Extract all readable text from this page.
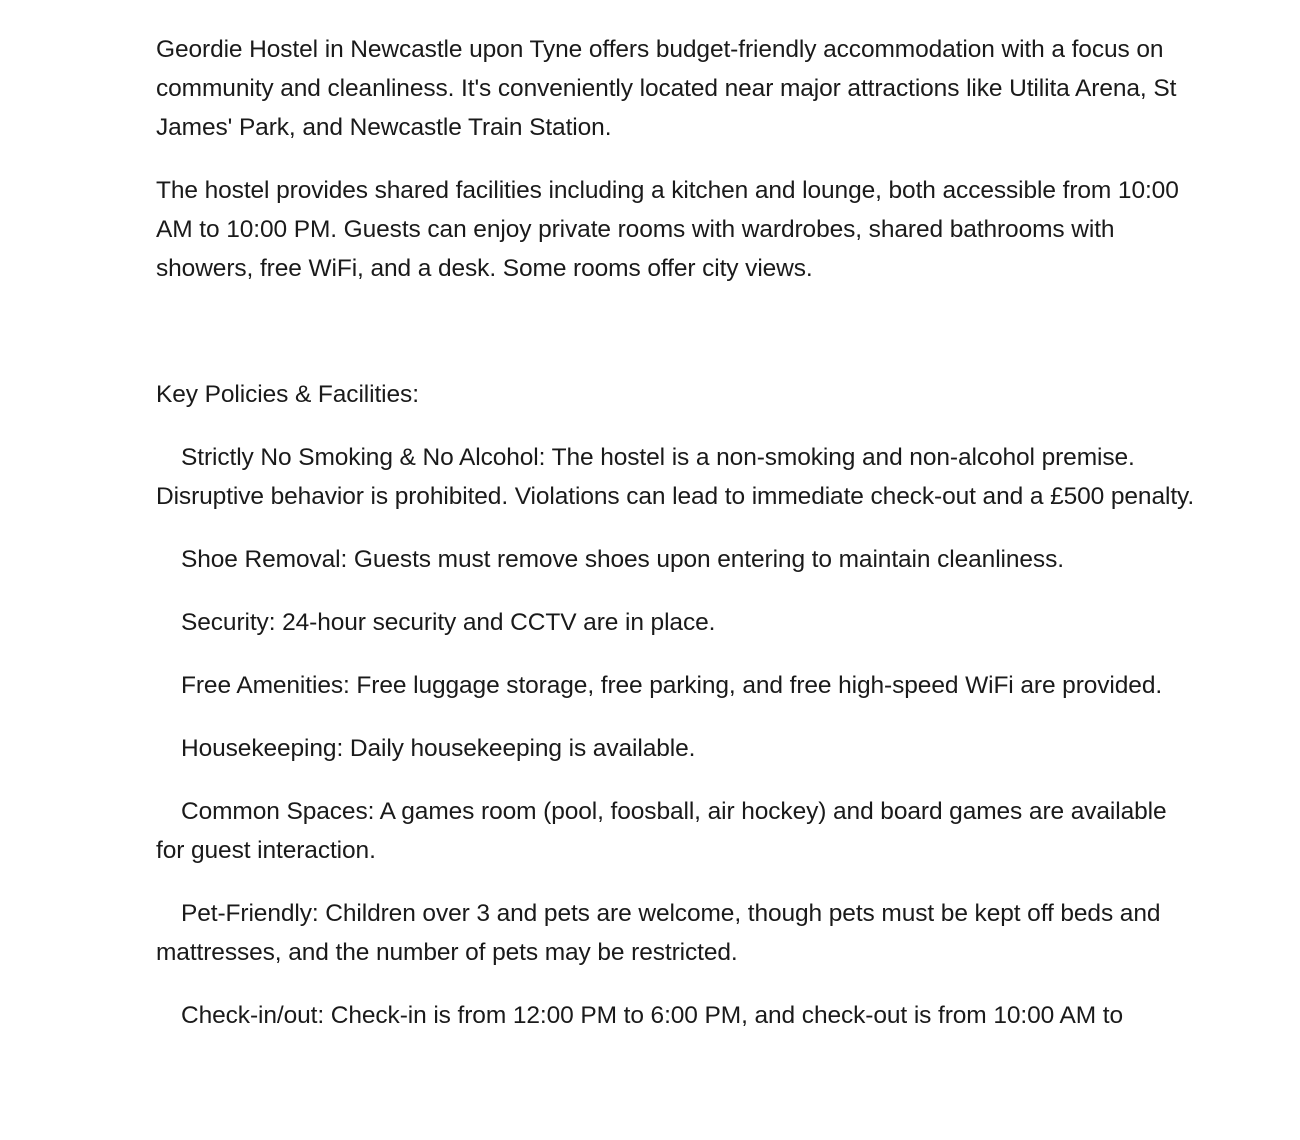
Geordie Hostel in Newcastle upon Tyne offers budget-friendly accommodation with a focus on community and cleanliness. It's conveniently located near major attractions like Utilita Arena, St James' Park, and Newcastle Train Station.

The hostel provides shared facilities including a kitchen and lounge, both accessible from 10:00 AM to 10:00 PM. Guests can enjoy private rooms with wardrobes, shared bathrooms with showers, free WiFi, and a desk. Some rooms offer city views.

Key Policies & Facilities:

Strictly No Smoking & No Alcohol: The hostel is a non-smoking and non-alcohol premise. Disruptive behavior is prohibited. Violations can lead to immediate check-out and a £500 penalty.

Shoe Removal: Guests must remove shoes upon entering to maintain cleanliness.

Security: 24-hour security and CCTV are in place.

Free Amenities: Free luggage storage, free parking, and free high-speed WiFi are provided.

Housekeeping: Daily housekeeping is available.

Common Spaces: A games room (pool, foosball, air hockey) and board games are available for guest interaction.

Pet-Friendly: Children over 3 and pets are welcome, though pets must be kept off beds and mattresses, and the number of pets may be restricted.

Check-in/out: Check-in is from 12:00 PM to 6:00 PM, and check-out is from 10:00 AM to
